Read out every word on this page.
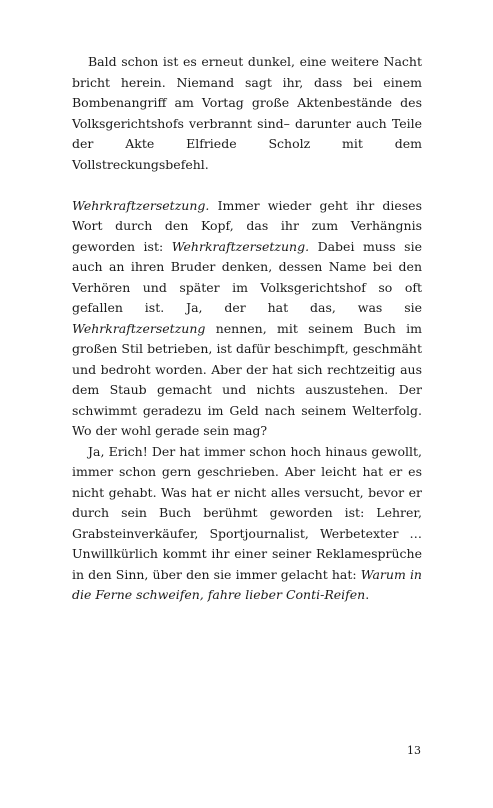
Bald schon ist es erneut dunkel, eine weitere Nacht bricht herein. Niemand sagt ihr, dass bei einem Bombenangriff am Vortag große Aktenbestände des Volksgerichtshofs verbrannt sind– darunter auch Teile der Akte Elfriede Scholz mit dem Vollstreckungsbefehl.

Wehrkraftzersetzung. Immer wieder geht ihr dieses Wort durch den Kopf, das ihr zum Verhängnis geworden ist: Wehrkraftzersetzung. Dabei muss sie auch an ihren Bruder denken, dessen Name bei den Verhören und später im Volksgerichtshof so oft gefallen ist. Ja, der hat das, was sie Wehrkraftzersetzung nennen, mit seinem Buch im großen Stil betrieben, ist dafür beschimpft, geschmäht und bedroht worden. Aber der hat sich rechtzeitig aus dem Staub gemacht und nichts auszustehen. Der schwimmt geradezu im Geld nach seinem Welterfolg. Wo der wohl gerade sein mag?

Ja, Erich! Der hat immer schon hoch hinaus gewollt, immer schon gern geschrieben. Aber leicht hat er es nicht gehabt. Was hat er nicht alles versucht, bevor er durch sein Buch berühmt geworden ist: Lehrer, Grabsteinverkäufer, Sportjournalist, Werbetexter … Unwillkürlich kommt ihr einer seiner Reklamesprüche in den Sinn, über den sie immer gelacht hat: Warum in die Ferne schweifen, fahre lieber Conti-Reifen.

13
